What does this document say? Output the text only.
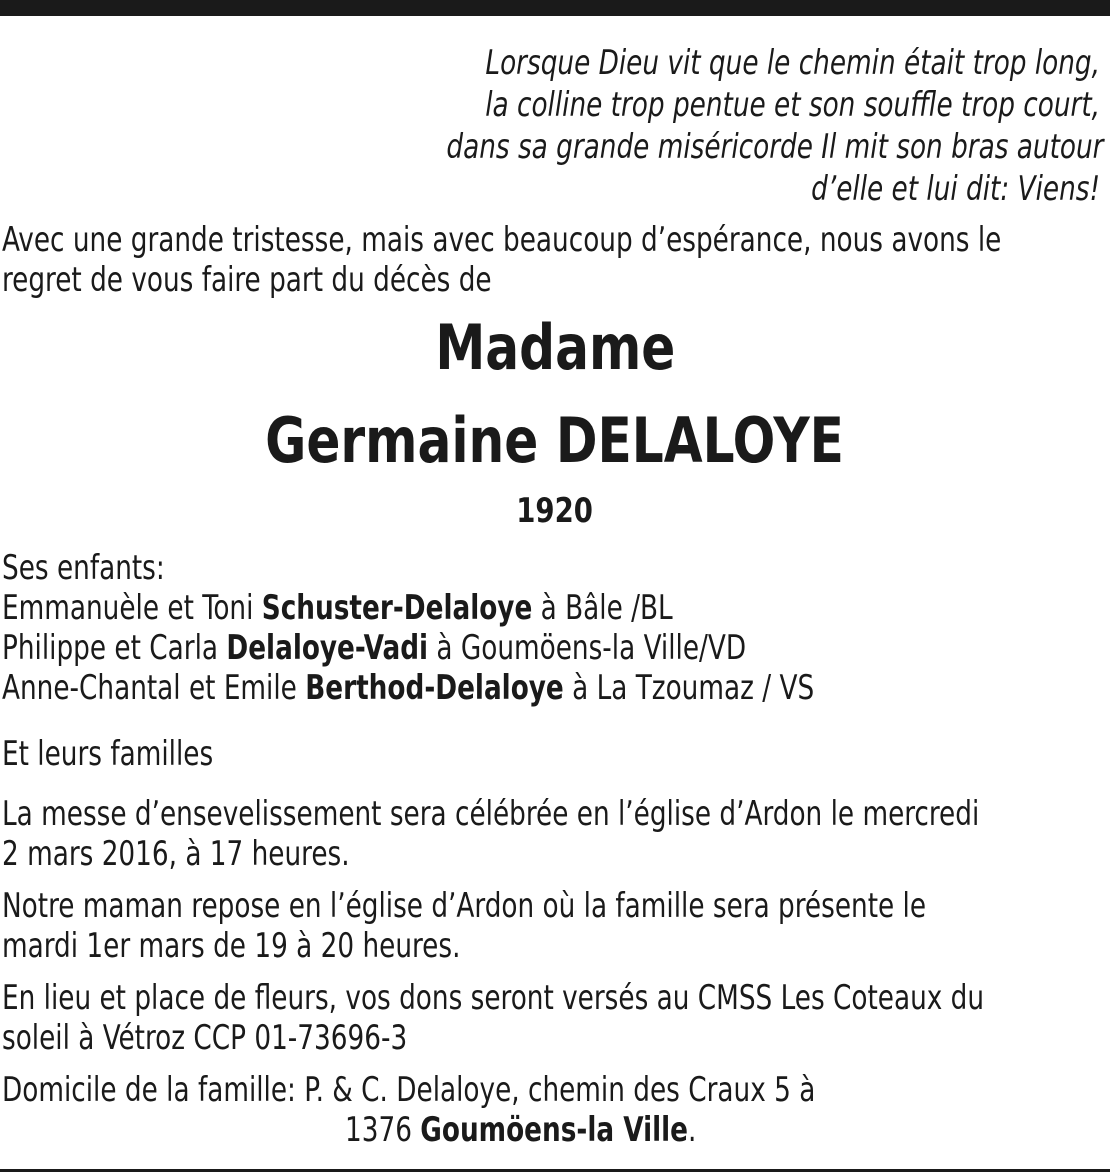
Lorsque Dieu vit que le chemin était trop long,
la colline trop pentue et son souffle trop court,
dans sa grande miséricorde Il mit son bras autour
d’elle et lui dit: Viens!
Avec une grande tristesse, mais avec beaucoup d’espérance, nous avons le
regret de vous faire part du décès de
Madame
Germaine DELALOYE
1920
Ses enfants:
Emmanuèle et Toni Schuster-Delaloye à Bâle /BL
Philippe et Carla Delaloye-Vadi à Goumöens-la Ville/VD
Anne-Chantal et Emile Berthod-Delaloye à La Tzoumaz / VS
Et leurs familles
La messe d’ensevelissement sera célébrée en l’église d’Ardon le mercredi
2 mars 2016, à 17 heures.
Notre maman repose en l’église d’Ardon où la famille sera présente le
mardi 1er mars de 19 à 20 heures.
En lieu et place de fleurs, vos dons seront versés au CMSS Les Coteaux du
soleil à Vétroz CCP 01-73696-3
Domicile de la famille: P. & C. Delaloye, chemin des Craux 5 à
1376 Goumöens-la Ville.
